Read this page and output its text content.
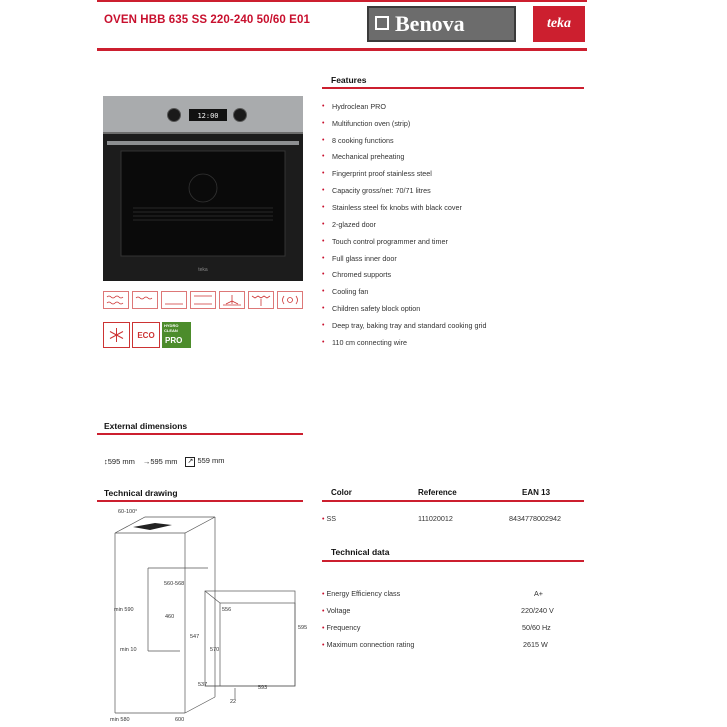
OVEN HBB 635 SS 220-240 50/60 E01	Benova	teka
12:00
teka
ECO
HYDRO CLEAN
PRO
Features
•	Hydroclean PRO
•	Multifunction oven (strip)
•	8 cooking functions
•	Mechanical preheating
•	Fingerprint proof stainless steel
•	Capacity gross/net: 70/71 litres
•	Stainless steel fix knobs with black cover
•	2-glazed door
•	Touch control programmer and timer
•	Full glass inner door
•	Chromed supports
•	Cooling fan
•	Children safety block option
•	Deep tray, baking tray and standard cooking grid
•	110 cm connecting wire
External dimensions
↕595 mm →595 mm ↗ 559 mm
Technical drawing
60-100°
560-568
min 590
460
547
570
595
556
min 10
537
22
593
min 580	600
Color	Reference	EAN 13
• SS	111020012	8434778002942
Technical data
• Energy Efficiency class	A+
• Voltage	220/240 V
• Frequency	50/60 Hz
• Maximum connection rating	2615 W
